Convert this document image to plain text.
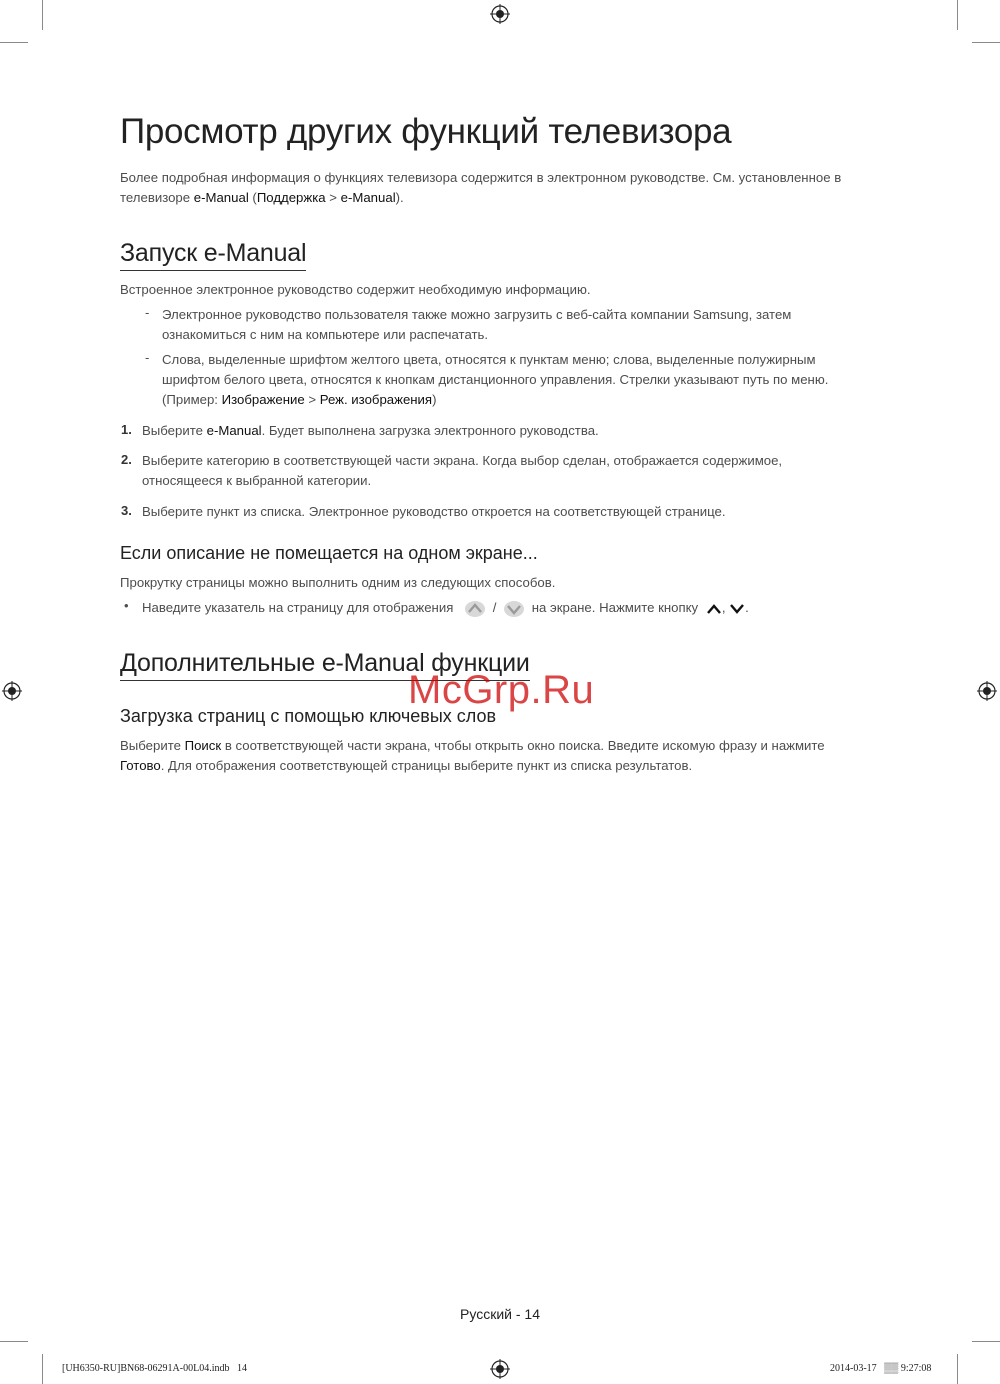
Просмотр других функций телевизора

Более подробная информация о функциях телевизора содержится в электронном руководстве. См. установленное в

телевизоре e-Manual (Поддержка > e-Manual).

Запуск e-Manual

Встроенное электронное руководство содержит необходимую информацию.

- Электронное руководство пользователя также можно загрузить с веб-сайта компании Samsung, затем

ознакомиться с ним на компьютере или распечатать.

- Слова, выделенные шрифтом желтого цвета, относятся к пунктам меню; слова, выделенные полужирным

шрифтом белого цвета, относятся к кнопкам дистанционного управления. Стрелки указывают путь по меню.

(Пример: Изображение > Реж. изображения)

1. Выберите e-Manual. Будет выполнена загрузка электронного руководства.

2. Выберите категорию в соответствующей части экрана. Когда выбор сделан, отображается содержимое,

относящееся к выбранной категории.

3. Выберите пункт из списка. Электронное руководство откроется на соответствующей странице.

Если описание не помещается на одном экране...

Прокрутку страницы можно выполнить одним из следующих способов.

• Наведите указатель на страницу для отображения	/	на экране. Нажмите кнопку , .
Дополнительные e-Manual функции
McGrp.Ru
Загрузка страниц с помощью ключевых слов

Выберите Поиск в соответствующей части экрана, чтобы открыть окно поиска. Введите искомую фразу и нажмите

Готово. Для отображения соответствующей страницы выберите пункт из списка результатов.

Русский - 14
[UH6350-RU]BN68-06291A-00L04.indb   14	2014-03-17   ▒▒ 9:27:08
